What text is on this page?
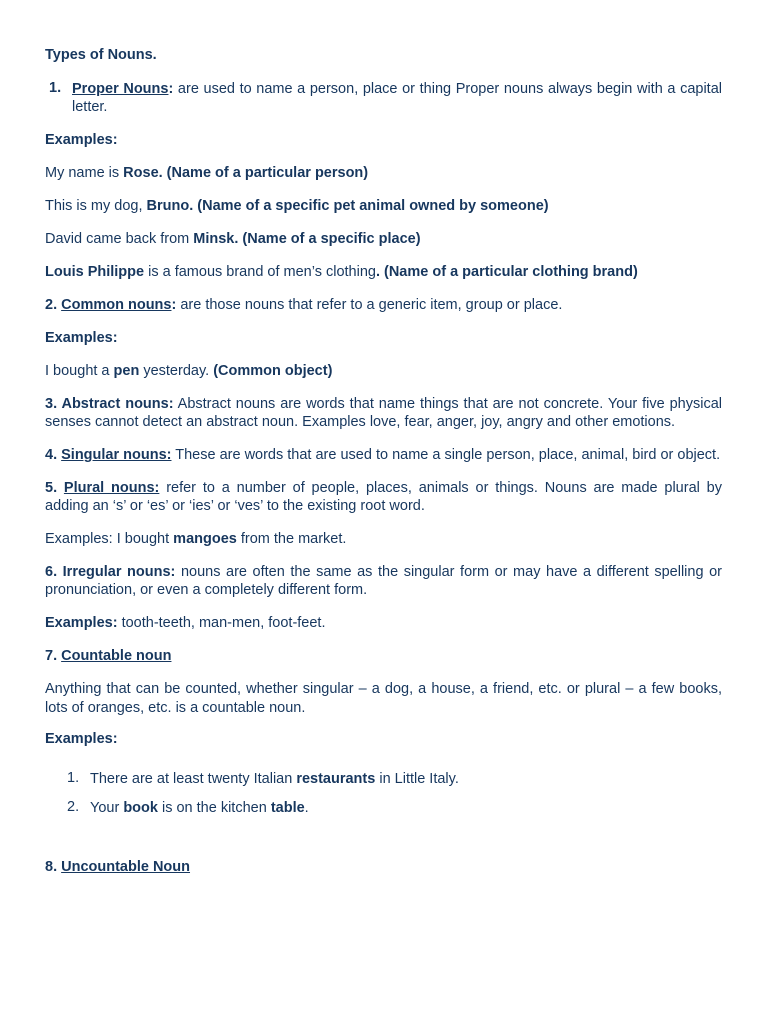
Types of Nouns.

1. Proper Nouns: are used to name a person, place or thing Proper nouns always begin with a capital letter.

Examples:

My name is Rose. (Name of a particular person)

This is my dog, Bruno. (Name of a specific pet animal owned by someone)

David came back from Minsk. (Name of a specific place)

Louis Philippe is a famous brand of men’s clothing. (Name of a particular clothing brand)

2. Common nouns: are those nouns that refer to a generic item, group or place.

Examples:

I bought a pen yesterday. (Common object)

3. Abstract nouns: Abstract nouns are words that name things that are not concrete. Your five physical senses cannot detect an abstract noun. Examples love, fear, anger, joy, angry and other emotions.

4. Singular nouns: These are words that are used to name a single person, place, animal, bird or object.

5. Plural nouns: refer to a number of people, places, animals or things. Nouns are made plural by adding an ‘s’ or ‘es’ or ‘ies’ or ‘ves’ to the existing root word.

Examples: I bought mangoes from the market.

6. Irregular nouns: nouns are often the same as the singular form or may have a different spelling or pronunciation, or even a completely different form.

Examples: tooth-teeth, man-men, foot-feet.

7. Countable noun

Anything that can be counted, whether singular – a dog, a house, a friend, etc. or plural – a few books, lots of oranges, etc. is a countable noun.

Examples:

1. There are at least twenty Italian restaurants in Little Italy.

2. Your book is on the kitchen table.

8. Uncountable Noun
